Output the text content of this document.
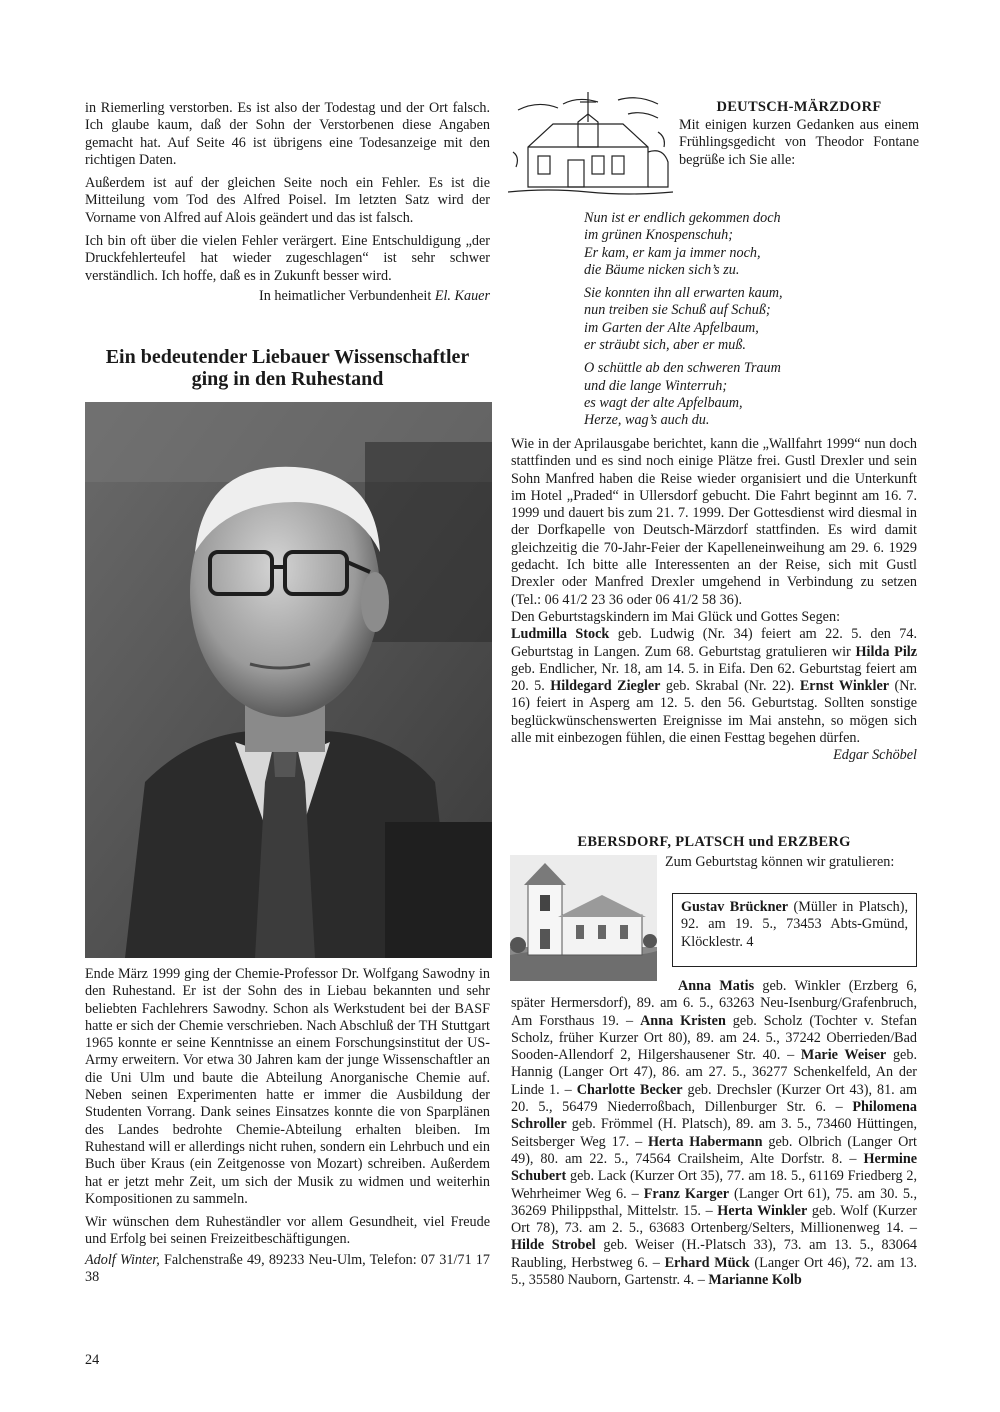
in Riemerling verstorben. Es ist also der Todestag und der Ort falsch. Ich glaube kaum, daß der Sohn der Verstorbenen diese Angaben gemacht hat. Auf Seite 46 ist übrigens eine Todesanzeige mit den richtigen Daten.

Außerdem ist auf der gleichen Seite noch ein Fehler. Es ist die Mitteilung vom Tod des Alfred Poisel. Im letzten Satz wird der Vorname von Alfred auf Alois geändert und das ist falsch.

Ich bin oft über die vielen Fehler verärgert. Eine Entschuldigung „der Druckfehlerteufel hat wieder zugeschlagen“ ist sehr schwer verständlich. Ich hoffe, daß es in Zukunft besser wird.

In heimatlicher Verbundenheit El. Kauer

Ein bedeutender Liebauer Wissenschaftler
ging in den Ruhestand

Ende März 1999 ging der Chemie-Professor Dr. Wolfgang Sawodny in den Ruhestand. Er ist der Sohn des in Liebau bekannten und sehr beliebten Fachlehrers Sawodny. Schon als Werkstudent bei der BASF hatte er sich der Chemie verschrieben. Nach Abschluß der TH Stuttgart 1965 konnte er seine Kenntnisse an einem Forschungsinstitut der US-Army erweitern. Vor etwa 30 Jahren kam der junge Wissenschaftler an die Uni Ulm und baute die Abteilung Anorganische Chemie auf. Neben seinen Experimenten hatte er immer die Ausbildung der Studenten Vorrang. Dank seines Einsatzes konnte die von Sparplänen des Landes bedrohte Chemie-Abteilung erhalten bleiben. Im Ruhestand will er allerdings nicht ruhen, sondern ein Lehrbuch und ein Buch über Kraus (ein Zeitgenosse von Mozart) schreiben. Außerdem hat er jetzt mehr Zeit, um sich der Musik zu widmen und weiterhin Kompositionen zu sammeln.

Wir wünschen dem Ruheständler vor allem Gesundheit, viel Freude und Erfolg bei seinen Freizeitbeschäftigungen.

Adolf Winter, Falchenstraße 49, 89233 Neu-Ulm, Telefon: 07 31/71 17 38

24
DEUTSCH-MÄRZDORF

Mit einigen kurzen Gedanken aus einem Frühlingsgedicht von Theodor Fontane begrüße ich Sie alle:

Nun ist er endlich gekommen doch

im grünen Knospenschuh;

Er kam, er kam ja immer noch,

die Bäume nicken sich’s zu.

Sie konnten ihn all erwarten kaum,

nun treiben sie Schuß auf Schuß;

im Garten der Alte Apfelbaum,

er sträubt sich, aber er muß.

O schüttle ab den schweren Traum

und die lange Winterruh;

es wagt der alte Apfelbaum,

Herze, wag’s auch du.

Wie in der Aprilausgabe berichtet, kann die „Wallfahrt 1999“ nun doch stattfinden und es sind noch einige Plätze frei. Gustl Drexler und sein Sohn Manfred haben die Reise wieder organisiert und die Unterkunft im Hotel „Praded“ in Ullersdorf gebucht. Die Fahrt beginnt am 16. 7. 1999 und dauert bis zum 21. 7. 1999. Der Gottesdienst wird diesmal in der Dorfkapelle von Deutsch-Märzdorf stattfinden. Es wird damit gleichzeitig die 70-Jahr-Feier der Kapelleneinweihung am 29. 6. 1929 gedacht. Ich bitte alle Interessenten an der Reise, sich mit Gustl Drexler oder Manfred Drexler umgehend in Verbindung zu setzen (Tel.: 06 41/2 23 36 oder 06 41/2 58 36).

Den Geburtstagskindern im Mai Glück und Gottes Segen:

Ludmilla Stock geb. Ludwig (Nr. 34) feiert am 22. 5. den 74. Geburtstag in Langen. Zum 68. Geburtstag gratulieren wir Hilda Pilz geb. Endlicher, Nr. 18, am 14. 5. in Eifa. Den 62. Geburtstag feiert am 20. 5. Hildegard Ziegler geb. Skrabal (Nr. 22). Ernst Winkler (Nr. 16) feiert in Asperg am 12. 5. den 56. Geburtstag. Sollten sonstige beglückwünschenswerten Ereignisse im Mai anstehn, so mögen sich alle mit einbezogen fühlen, die einen Festtag begehen dürfen.

Edgar Schöbel

EBERSDORF, PLATSCH und ERZBERG

Zum Geburtstag können wir gratulieren:

Gustav Brückner (Müller in Platsch), 92. am 19. 5., 73453 Abts-Gmünd, Klöcklestr. 4

Anna Matis geb. Winkler (Erzberg 6, später Hermersdorf), 89. am 6. 5., 63263 Neu-Isenburg/Grafenbruch, Am Forsthaus 19. – Anna Kristen geb. Scholz (Tochter v. Stefan Scholz, früher Kurzer Ort 80), 89. am 24. 5., 37242 Oberrieden/Bad Sooden-Allendorf 2, Hilgershausener Str. 40. – Marie Weiser geb. Hannig (Langer Ort 47), 86. am 27. 5., 36277 Schenkelfeld, An der Linde 1. – Charlotte Becker geb. Drechsler (Kurzer Ort 43), 81. am 20. 5., 56479 Niederroßbach, Dillenburger Str. 6. – Philomena Schroller geb. Frömmel (H. Platsch), 89. am 3. 5., 73460 Hüttingen, Seitsberger Weg 17. – Herta Habermann geb. Olbrich (Langer Ort 49), 80. am 22. 5., 74564 Crailsheim, Alte Dorfstr. 8. – Hermine Schubert geb. Lack (Kurzer Ort 35), 77. am 18. 5., 61169 Friedberg 2, Wehrheimer Weg 6. – Franz Karger (Langer Ort 61), 75. am 30. 5., 36269 Philippsthal, Mittelstr. 15. – Herta Winkler geb. Wolf (Kurzer Ort 78), 73. am 2. 5., 63683 Ortenberg/Selters, Millionenweg 14. – Hilde Strobel geb. Weiser (H.-Platsch 33), 73. am 13. 5., 83064 Raubling, Herbstweg 6. – Erhard Mück (Langer Ort 46), 72. am 13. 5., 35580 Nauborn, Gartenstr. 4. – Marianne Kolb
